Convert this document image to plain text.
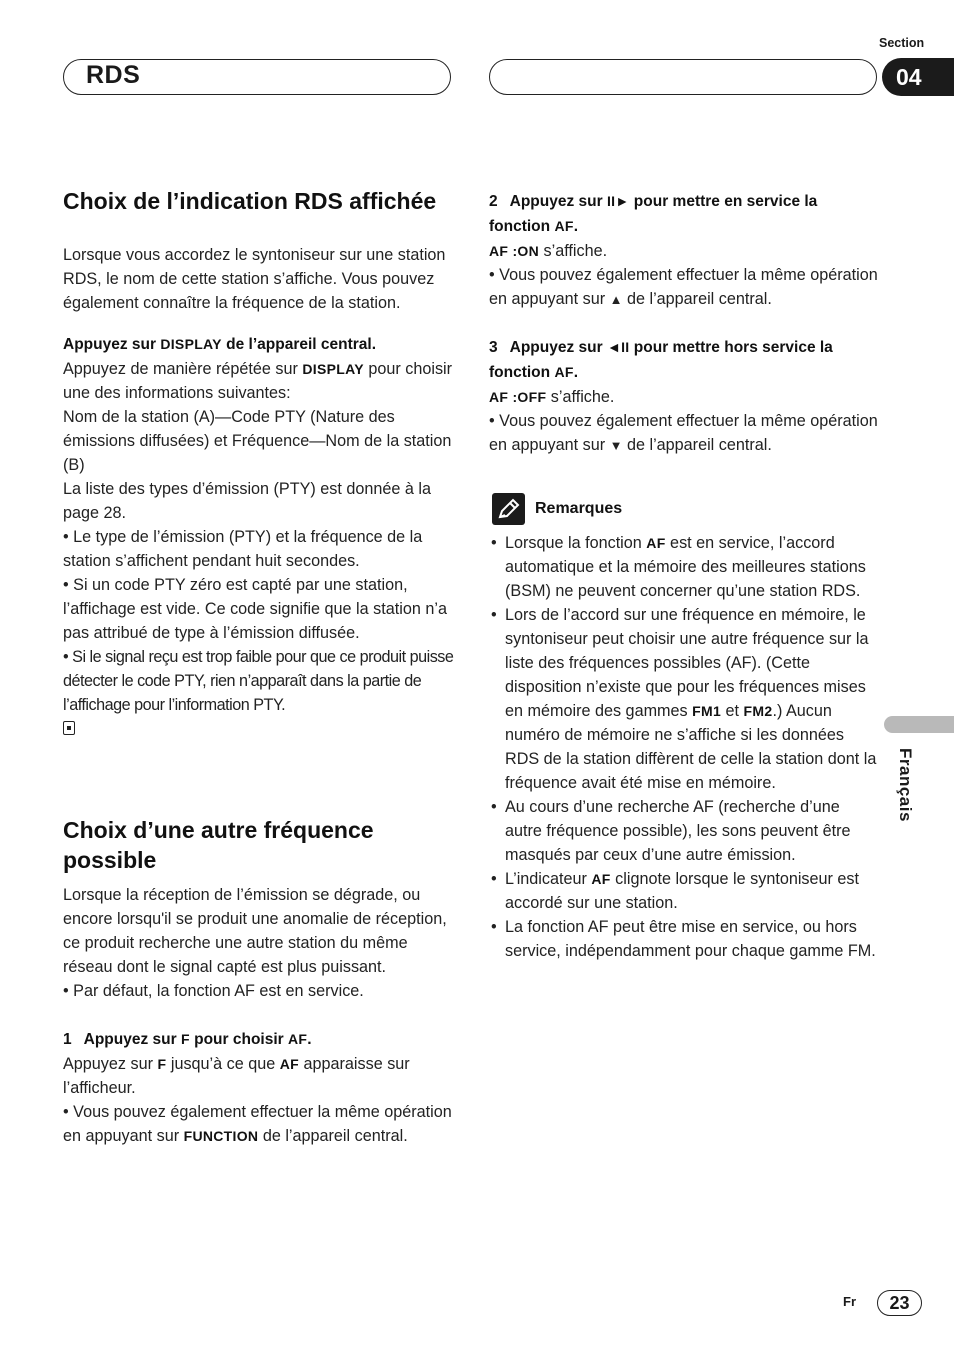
RDS
Section
04
Français
Choix de l’indication RDS affichée

Lorsque vous accordez le syntoniseur sur une station RDS, le nom de cette station s’affiche. Vous pouvez également connaître la fréquence de la station.

Appuyez sur DISPLAY de l’appareil central.

Appuyez de manière répétée sur DISPLAY pour choisir une des informations suivantes:

Nom de la station (A)—Code PTY (Nature des émissions diffusées) et Fréquence—Nom de la station (B)

La liste des types d’émission (PTY) est donnée à la page 28.

• Le type de l’émission (PTY) et la fréquence de la station s’affichent pendant huit secondes.

• Si un code PTY zéro est capté par une station, l’affichage est vide. Ce code signifie que la station n’a pas attribué de type à l’émission diffusée.

• Si le signal reçu est trop faible pour que ce produit puisse détecter le code PTY, rien n’apparaît dans la partie de l’affichage pour l’information PTY.

Choix d’une autre fréquence possible

Lorsque la réception de l’émission se dégrade, ou encore lorsqu'il se produit une anomalie de réception, ce produit recherche une autre station du même réseau dont le signal capté est plus puissant.

• Par défaut, la fonction AF est en service.

1 Appuyez sur F pour choisir AF.

Appuyez sur F jusqu’à ce que AF apparaisse sur l’afficheur.

• Vous pouvez également effectuer la même opération en appuyant sur FUNCTION de l’appareil central.

2 Appuyez sur II► pour mettre en service la fonction AF.

AF :ON s’affiche.

• Vous pouvez également effectuer la même opération en appuyant sur ▲ de l’appareil central.

3 Appuyez sur ◄II pour mettre hors service la fonction AF.

AF :OFF s’affiche.

• Vous pouvez également effectuer la même opération en appuyant sur ▼ de l’appareil central.

Remarques
• Lorsque la fonction AF est en service, l’accord automatique et la mémoire des meilleures stations (BSM) ne peuvent concerner qu’une station RDS.
• Lors de l’accord sur une fréquence en mémoire, le syntoniseur peut choisir une autre fréquence sur la liste des fréquences possibles (AF). (Cette disposition n’existe que pour les fréquences mises en mémoire des gammes FM1 et FM2.) Aucun numéro de mémoire ne s’affiche si les données RDS de la station diffèrent de celle la station dont la fréquence avait été mise en mémoire.
• Au cours d’une recherche AF (recherche d’une autre fréquence possible), les sons peuvent être masqués par ceux d’une autre émission.
• L’indicateur AF clignote lorsque le syntoniseur est accordé sur une station.
• La fonction AF peut être mise en service, ou hors service, indépendamment pour chaque gamme FM.
Fr	23
